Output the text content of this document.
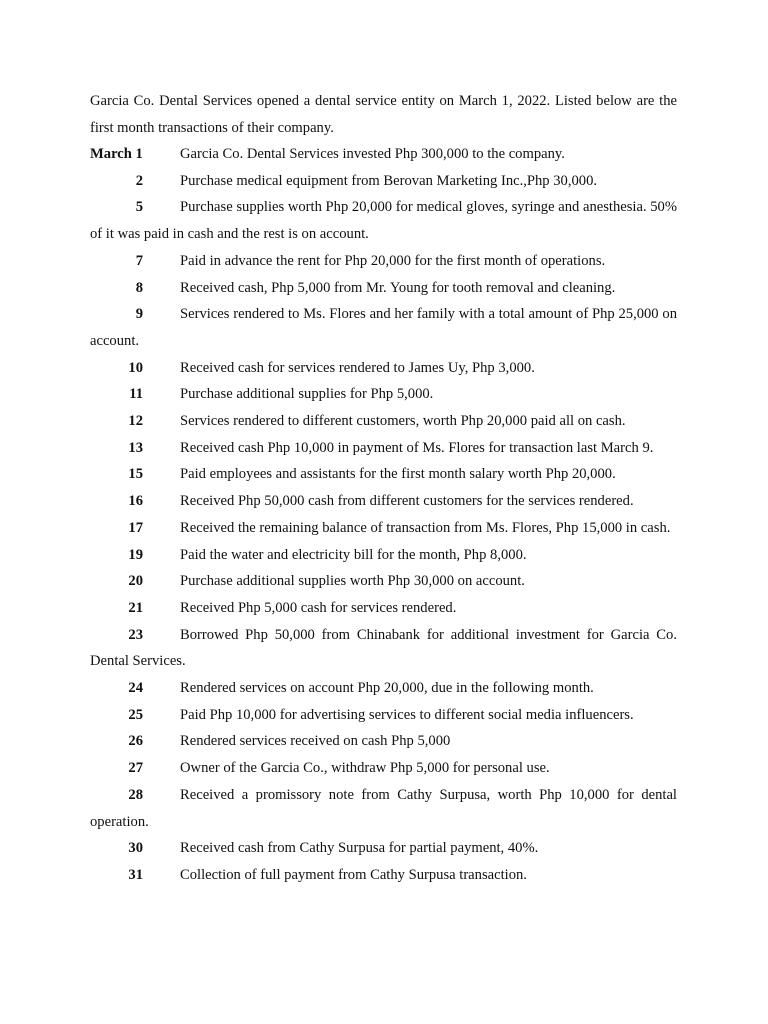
Garcia Co. Dental Services opened a dental service entity on March 1, 2022. Listed below are the first month transactions of their company.

March 1	Garcia Co. Dental Services invested Php 300,000 to the company.

2	Purchase medical equipment from Berovan Marketing Inc.,Php 30,000.

5	Purchase supplies worth Php 20,000 for medical gloves, syringe and anesthesia. 50% of it was paid in cash and the rest is on account.

7	Paid in advance the rent for Php 20,000 for the first month of operations.

8	Received cash, Php 5,000 from Mr. Young for tooth removal and cleaning.

9	Services rendered to Ms. Flores and her family with a total amount of Php 25,000 on account.

10	Received cash for services rendered to James Uy, Php 3,000.

11	Purchase additional supplies for Php 5,000.

12	Services rendered to different customers, worth Php 20,000 paid all on cash.

13	Received cash Php 10,000 in payment of Ms. Flores for transaction last March 9.

15	Paid employees and assistants for the first month salary worth Php 20,000.

16	Received Php 50,000 cash from different customers for the services rendered.

17	Received the remaining balance of transaction from Ms. Flores, Php 15,000 in cash.

19	Paid the water and electricity bill for the month, Php 8,000.

20	Purchase additional supplies worth Php 30,000 on account.

21	Received Php 5,000 cash for services rendered.

23	Borrowed Php 50,000 from Chinabank for additional investment for Garcia Co. Dental Services.

24	Rendered services on account Php 20,000, due in the following month.

25	Paid Php 10,000 for advertising services to different social media influencers.

26	Rendered services received on cash Php 5,000

27	Owner of the Garcia Co., withdraw Php 5,000 for personal use.

28	Received a promissory note from Cathy Surpusa, worth Php 10,000 for dental operation.

30	Received cash from Cathy Surpusa for partial payment, 40%.

31	Collection of full payment from Cathy Surpusa transaction.
